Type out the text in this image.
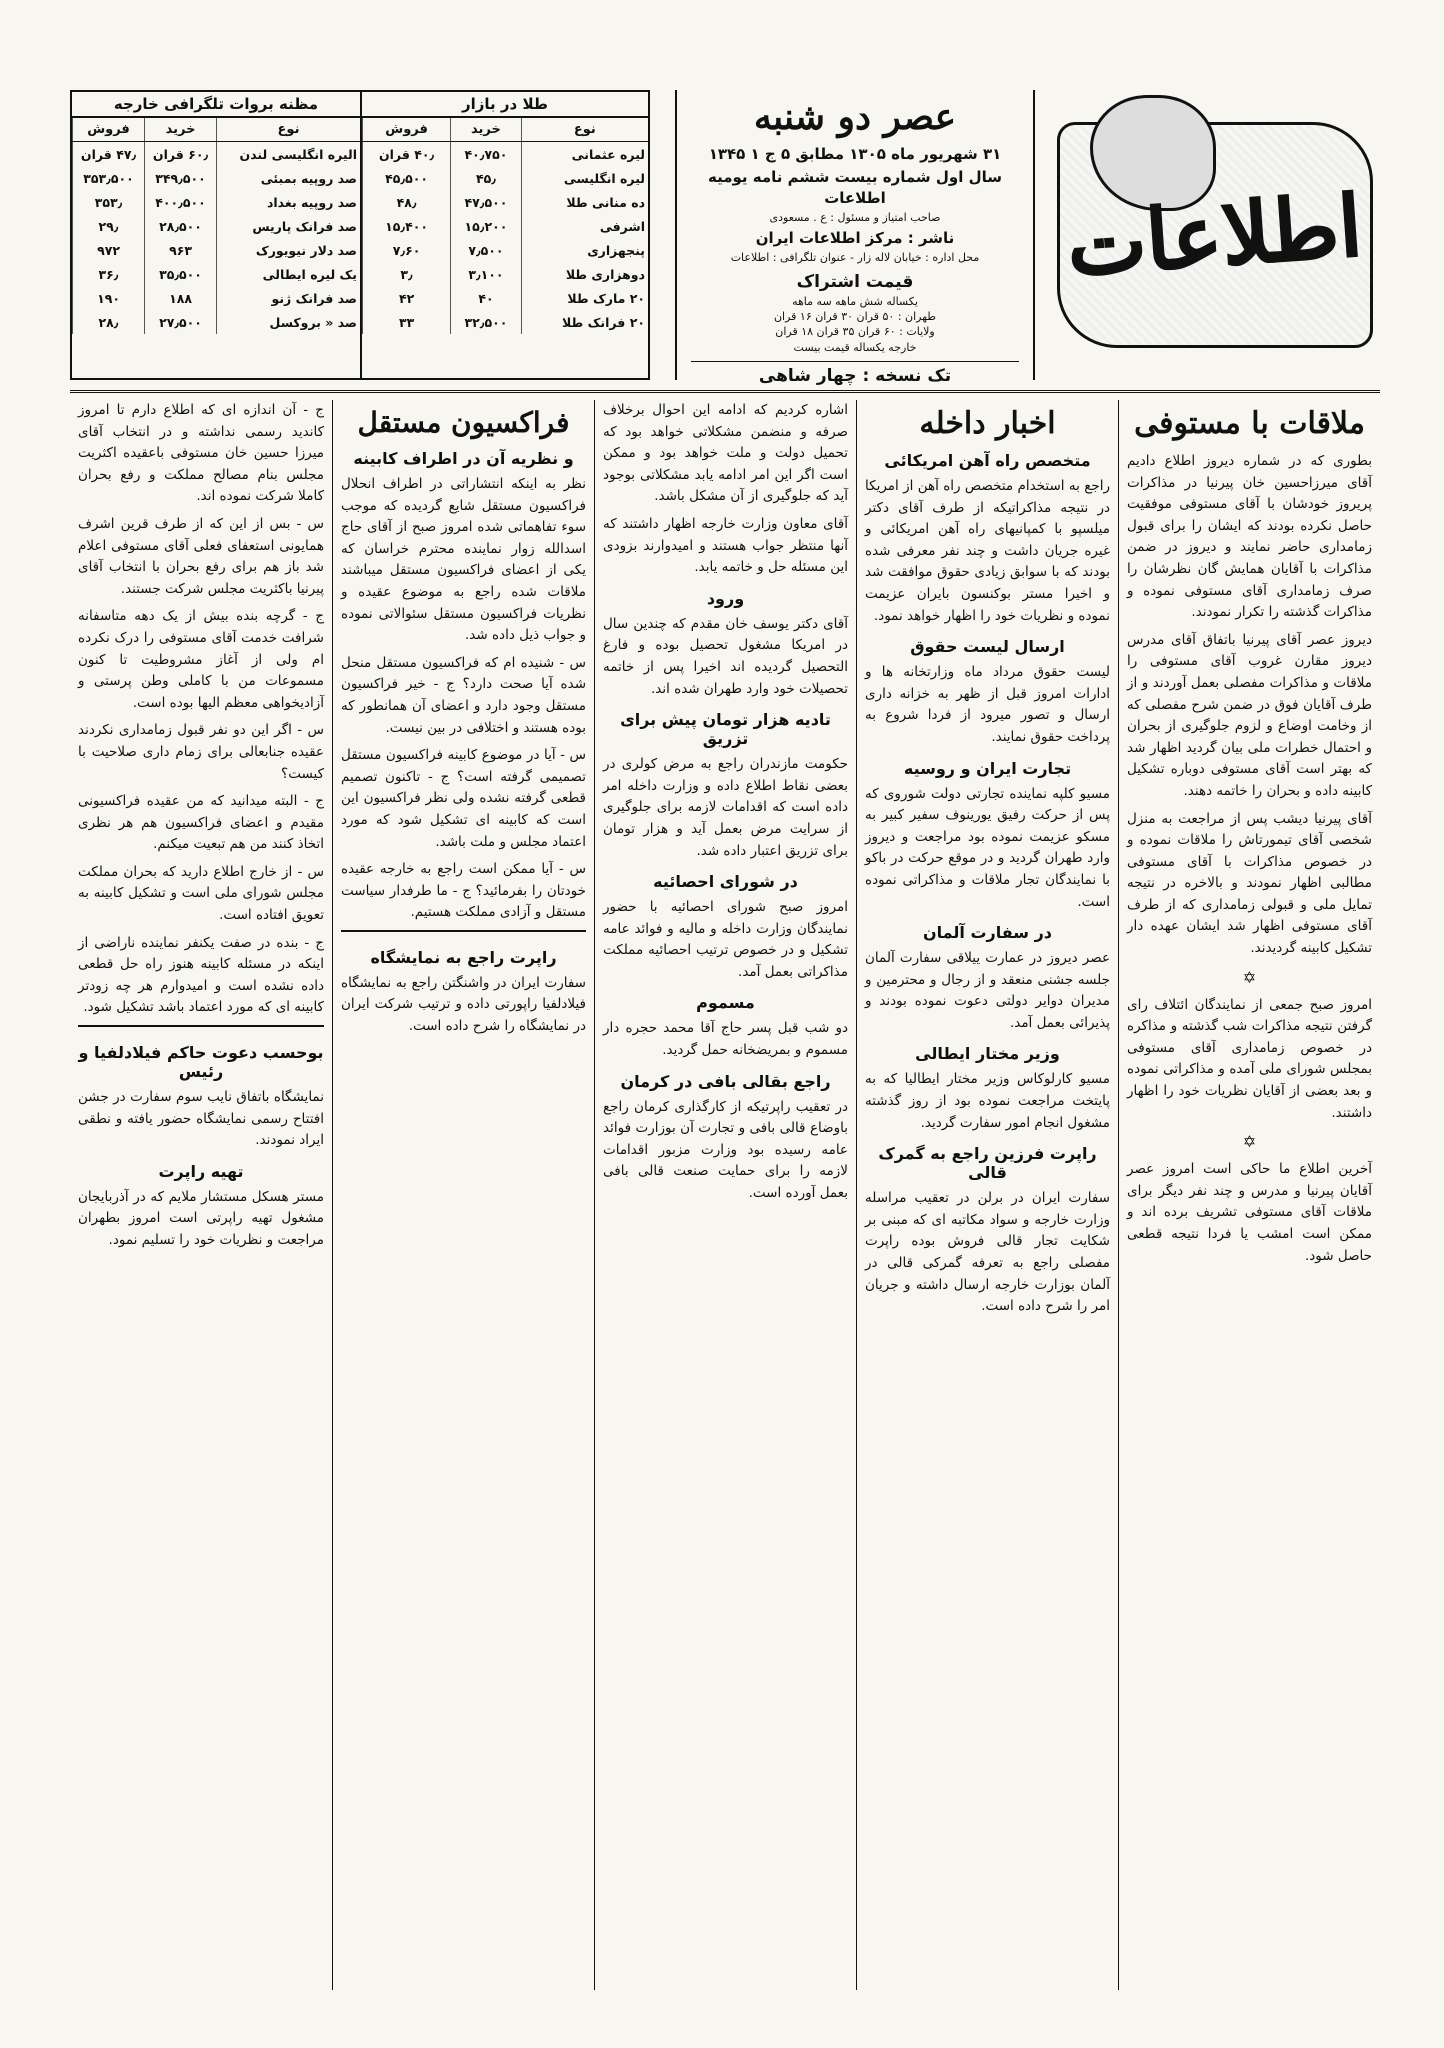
اطلاعات
عصر دو شنبه
۳۱ شهریور ماه ۱۳۰۵ مطابق ۵ ج ۱ ۱۳۴۵
سال اول شماره بیست ششم نامه یومیه اطلاعات
صاحب امتیاز و مسئول : ع . مسعودی
ناشر : مرکز اطلاعات ایران
محل اداره : خیابان لاله زار - عنوان تلگرافی : اطلاعات
قیمت اشتراک
یکساله شش ماهه سه ماهه
طهران : ۵۰ قران ۳۰ قران ۱۶ قران
ولایات : ۶۰ قران ۳۵ قران ۱۸ قران
خارجه یکساله قیمت بیست
تک نسخه : چهار شاهی
طلا در بازار
نوع	خرید	فروش
لیره عثمانی	۴۰٫۷۵۰	۴۰٫ قران
لیره انگلیسی	۴۵٫	۴۵٫۵۰۰
ده منانی طلا	۴۷٫۵۰۰	۴۸٫
اشرفی	۱۵٫۲۰۰	۱۵٫۴۰۰
پنجهزاری	۷٫۵۰۰	۷٫۶۰
دوهزاری طلا	۳٫۱۰۰	۳٫
۲۰ مارک طلا	۴۰	۴۲
۲۰ فرانک طلا	۳۲٫۵۰۰	۳۳
مظنه بروات تلگرافی خارجه
نوع	خرید	فروش
الیره انگلیسی لندن	۶۰٫ قران	۴۷٫ قران
صد روپیه بمبئی	۳۴۹٫۵۰۰	۳۵۳٫۵۰۰
صد روپیه بغداد	۴۰۰٫۵۰۰	۳۵۳٫
صد فرانک پاریس	۲۸٫۵۰۰	۲۹٫
صد دلار نیویورک	۹۶۳	۹۷۲
یک لیره ایطالی	۳۵٫۵۰۰	۳۶٫
صد فرانک ژنو	۱۸۸	۱۹۰
صد « بروکسل	۲۷٫۵۰۰	۲۸٫
ملاقات با مستوفی

بطوری که در شماره دیروز اطلاع دادیم آقای میرزاحسین خان پیرنیا در مذاکرات پریروز خودشان با آقای مستوفی موفقیت حاصل نکرده بودند که ایشان را برای قبول زمامداری حاضر نمایند و دیروز در ضمن مذاکرات با آقایان همایش گان نظرشان را صرف زمامداری آقای مستوفی نموده و مذاکرات گذشته را تکرار نمودند.

دیروز عصر آقای پیرنیا باتفاق آقای مدرس دیروز مقارن غروب آقای مستوفی را ملاقات و مذاکرات مفصلی بعمل آوردند و از طرف آقایان فوق در ضمن شرح مفصلی که از وخامت اوضاع و لزوم جلوگیری از بحران و احتمال خطرات ملی بیان گردید اظهار شد که بهتر است آقای مستوفی دوباره تشکیل کابینه داده و بحران را خاتمه دهند.

آقای پیرنیا دیشب پس از مراجعت به منزل شخصی آقای تیمورتاش را ملاقات نموده و در خصوص مذاکرات با آقای مستوفی مطالبی اظهار نمودند و بالاخره در نتیجه تمایل ملی و قبولی زمامداری که از طرف آقای مستوفی اظهار شد ایشان عهده دار تشکیل کابینه گردیدند.

✡

امروز صبح جمعی از نمایندگان ائتلاف رای گرفتن نتیجه مذاکرات شب گذشته و مذاکره در خصوص زمامداری آقای مستوفی بمجلس شورای ملی آمده و مذاکراتی نموده و بعد بعضی از آقایان نظریات خود را اظهار داشتند.

✡

آخرین اطلاع ما حاکی است امروز عصر آقایان پیرنیا و مدرس و چند نفر دیگر برای ملاقات آقای مستوفی تشریف برده اند و ممکن است امشب یا فردا نتیجه قطعی حاصل شود.

اخبار داخله
متخصص راه آهن امریکائی

راجع به استخدام متخصص راه آهن از امریکا در نتیجه مذاکراتیکه از طرف آقای دکتر میلسپو با کمپانیهای راه آهن امریکائی و غیره جریان داشت و چند نفر معرفی شده بودند که با سوابق زیادی حقوق موافقت شد و اخیرا مستر بوکنسون بایران عزیمت نموده و نظریات خود را اظهار خواهد نمود.

ارسال لیست حقوق

لیست حقوق مرداد ماه وزارتخانه ها و ادارات امروز قبل از ظهر به خزانه داری ارسال و تصور میرود از فردا شروع به پرداخت حقوق نمایند.

تجارت ایران و روسیه

مسیو کلپه نماینده تجارتی دولت شوروی که پس از حرکت رفیق یورینوف سفیر کبیر به مسکو عزیمت نموده بود مراجعت و دیروز وارد طهران گردید و در موقع حرکت در باکو با نمایندگان تجار ملاقات و مذاکراتی نموده است.

در سفارت آلمان

عصر دیروز در عمارت ییلاقی سفارت آلمان جلسه جشنی منعقد و از رجال و محترمین و مدیران دوایر دولتی دعوت نموده بودند و پذیرائی بعمل آمد.

وزیر مختار ایطالی

مسیو کارلوکاس وزیر مختار ایطالیا که به پایتخت مراجعت نموده بود از روز گذشته مشغول انجام امور سفارت گردید.

راپرت فرزین راجع به گمرک قالی

سفارت ایران در برلن در تعقیب مراسله وزارت خارجه و سواد مکاتبه ای که مبنی بر شکایت تجار قالی فروش بوده راپرت مفصلی راجع به تعرفه گمرکی قالی در آلمان بوزارت خارجه ارسال داشته و جریان امر را شرح داده است.

اشاره کردیم که ادامه این احوال برخلاف صرفه و منضمن مشکلاتی خواهد بود که تحمیل دولت و ملت خواهد بود و ممکن است اگر این امر ادامه یابد مشکلاتی بوجود آید که جلوگیری از آن مشکل باشد.

آقای معاون وزارت خارجه اظهار داشتند که آنها منتظر جواب هستند و امیدوارند بزودی این مسئله حل و خاتمه یابد.

ورود

آقای دکتر یوسف خان مقدم که چندین سال در امریکا مشغول تحصیل بوده و فارغ التحصیل گردیده اند اخیرا پس از خاتمه تحصیلات خود وارد طهران شده اند.

تادیه هزار تومان پیش برای تزریق

حکومت مازندران راجع به مرض کولری در بعضی نقاط اطلاع داده و وزارت داخله امر داده است که اقدامات لازمه برای جلوگیری از سرایت مرض بعمل آید و هزار تومان برای تزریق اعتبار داده شد.

در شورای احصائیه

امروز صبح شورای احصائیه با حضور نمایندگان وزارت داخله و مالیه و فوائد عامه تشکیل و در خصوص ترتیب احصائیه مملکت مذاکراتی بعمل آمد.

مسموم

دو شب قبل پسر حاج آقا محمد حجره دار مسموم و بمریضخانه حمل گردید.

راجع بقالی بافی در کرمان

در تعقیب راپرتیکه از کارگذاری کرمان راجع باوضاع قالی بافی و تجارت آن بوزارت فوائد عامه رسیده بود وزارت مزبور اقدامات لازمه را برای حمایت صنعت قالی بافی بعمل آورده است.

فراکسیون مستقل
و نظریه آن در اطراف کابینه

نظر به اینکه انتشاراتی در اطراف انحلال فراکسیون مستقل شایع گردیده که موجب سوء تفاهماتی شده امروز صبح از آقای حاج اسدالله زوار نماینده محترم خراسان که یکی از اعضای فراکسیون مستقل میباشند ملاقات شده راجع به موضوع عقیده و نظریات فراکسیون مستقل سئوالاتی نموده و جواب ذیل داده شد.

س - شنیده ام که فراکسیون مستقل منحل شده آیا صحت دارد؟ ج - خیر فراکسیون مستقل وجود دارد و اعضای آن همانطور که بوده هستند و اختلافی در بین نیست.

س - آیا در موضوع کابینه فراکسیون مستقل تصمیمی گرفته است؟ ج - تاکنون تصمیم قطعی گرفته نشده ولی نظر فراکسیون این است که کابینه ای تشکیل شود که مورد اعتماد مجلس و ملت باشد.

س - آیا ممکن است راجع به خارجه عقیده خودتان را بفرمائید؟ ج - ما طرفدار سیاست مستقل و آزادی مملکت هستیم.

راپرت راجع به نمایشگاه

سفارت ایران در واشنگتن راجع به نمایشگاه فیلادلفیا راپورتی داده و ترتیب شرکت ایران در نمایشگاه را شرح داده است.

ج - آن اندازه ای که اطلاع دارم تا امروز کاندید رسمی نداشته و در انتخاب آقای میرزا حسین خان مستوفی باعقیده اکثریت مجلس بنام مصالح مملکت و رفع بحران کاملا شرکت نموده اند.

س - بس از این که از طرف قرین اشرف همایونی استعفای فعلی آقای مستوفی اعلام شد باز هم برای رفع بحران با انتخاب آقای پیرنیا باکثریت مجلس شرکت جستند.

ج - گرچه بنده بیش از یک دهه متاسفانه شرافت خدمت آقای مستوفی را درک نکرده ام ولی از آغاز مشروطیت تا کنون مسموعات من با کاملی وطن پرستی و آزادیخواهی معظم الیها بوده است.

س - اگر این دو نفر قبول زمامداری نکردند عقیده جنابعالی برای زمام داری صلاحیت با کیست؟

ج - البته میدانید که من عقیده فراکسیونی مقیدم و اعضای فراکسیون هم هر نظری اتخاذ کنند من هم تبعیت میکنم.

س - از خارج اطلاع دارید که بحران مملکت مجلس شورای ملی است و تشکیل کابینه به تعویق افتاده است.

ج - بنده در صفت یکنفر نماینده ناراضی از اینکه در مسئله کابینه هنوز راه حل قطعی داده نشده است و امیدوارم هر چه زودتر کابینه ای که مورد اعتماد باشد تشکیل شود.

بوحسب دعوت حاکم فیلادلفیا و رئیس

نمایشگاه باتفاق نایب سوم سفارت در جشن افتتاح رسمی نمایشگاه حضور یافته و نطقی ایراد نمودند.

تهیه راپرت

مستر هسکل مستشار ملایم که در آذربایجان مشغول تهیه راپرتی است امروز بطهران مراجعت و نظریات خود را تسلیم نمود.
